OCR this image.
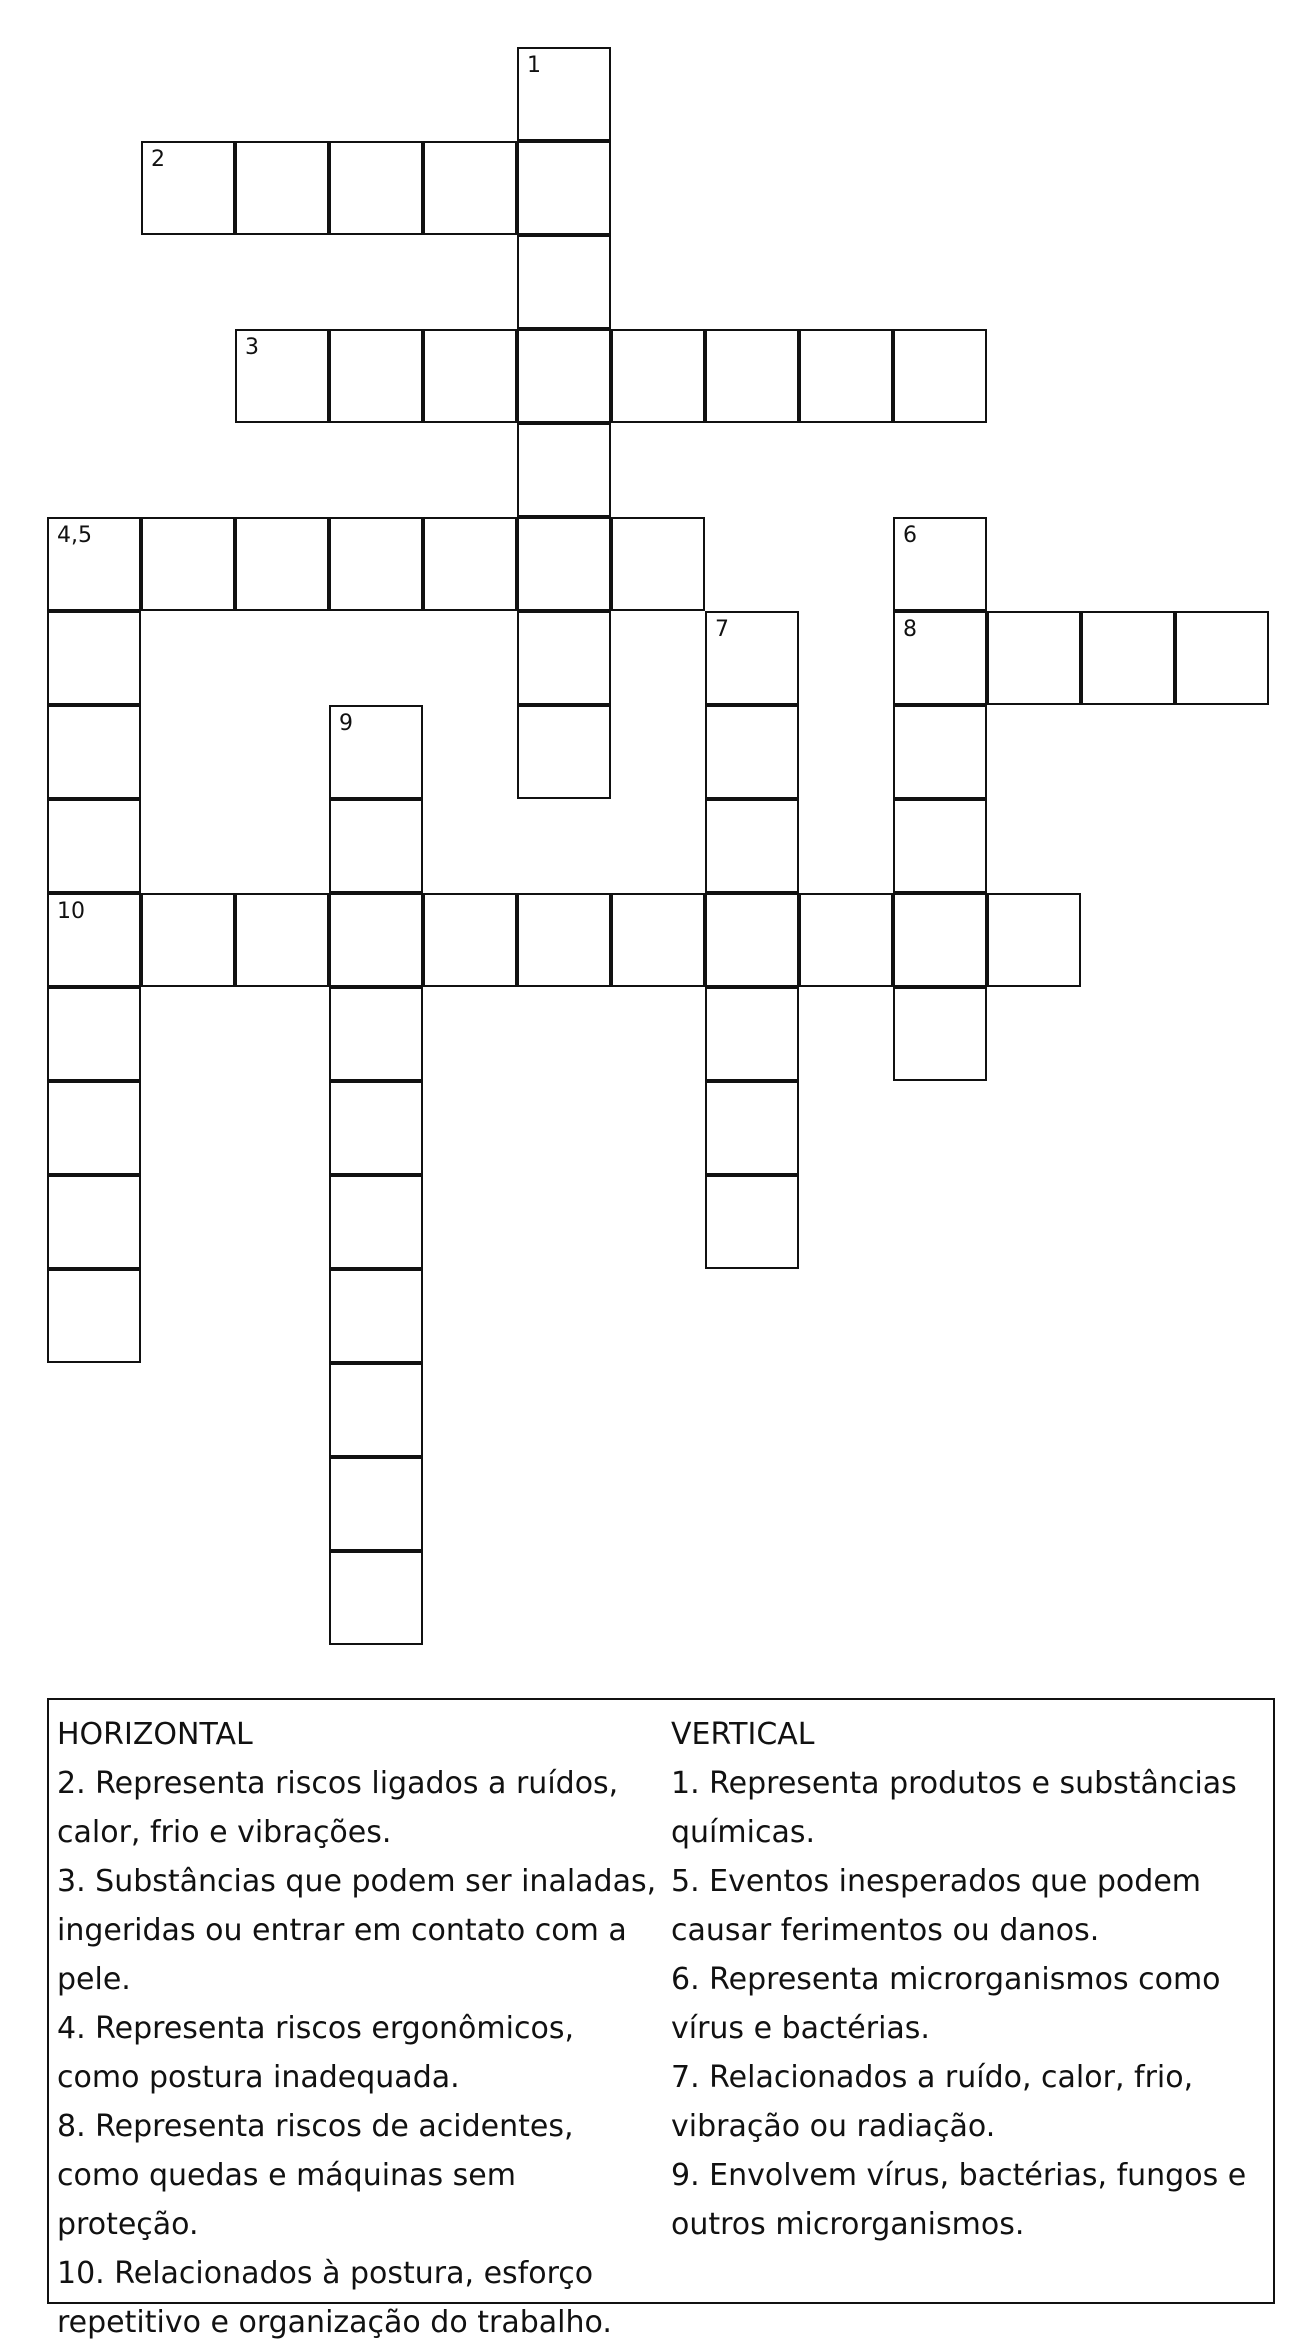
2
3
4,5
8
10
1
6
7
9
HORIZONTAL
2. Representa riscos ligados a ruídos, calor, frio e vibrações.
3. Substâncias que podem ser inaladas, ingeridas ou entrar em contato com a pele.
4. Representa riscos ergonômicos, como postura inadequada.
8. Representa riscos de acidentes, como quedas e máquinas sem proteção.
10. Relacionados à postura, esforço repetitivo e organização do trabalho.
VERTICAL
1. Representa produtos e substâncias químicas.
5. Eventos inesperados que podem causar ferimentos ou danos.
6. Representa microrganismos como vírus e bactérias.
7. Relacionados a ruído, calor, frio, vibração ou radiação.
9. Envolvem vírus, bactérias, fungos e outros microrganismos.
